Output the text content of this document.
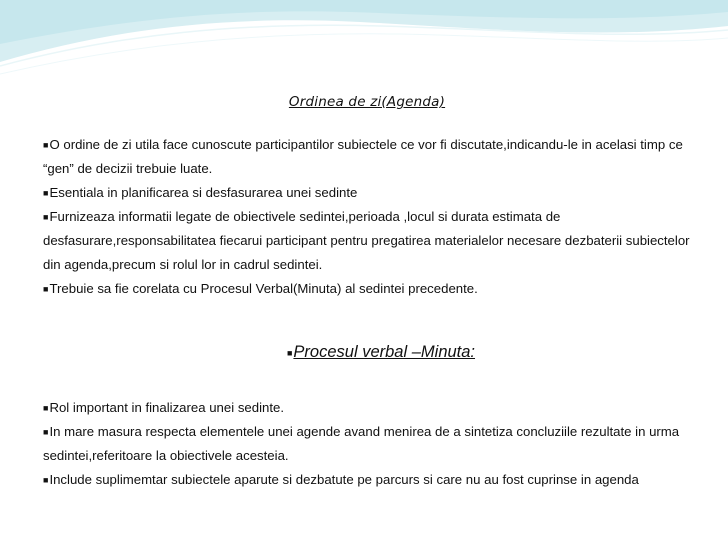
Ordinea de zi(Agenda)

■O ordine de zi utila face cunoscute participantilor subiectele ce vor fi discutate,indicandu-le in acelasi timp ce “gen” de decizii trebuie luate.

■Esentiala in planificarea si desfasurarea unei sedinte

■Furnizeaza informatii legate de obiectivele sedintei,perioada ,locul si durata estimata de desfasurare,responsabilitatea fiecarui participant pentru pregatirea materialelor necesare dezbaterii subiectelor din agenda,precum si rolul lor in cadrul sedintei.

■Trebuie sa fie corelata cu Procesul Verbal(Minuta) al sedintei precedente.

■Procesul verbal –Minuta:

■Rol important in finalizarea unei sedinte.

■In mare masura respecta elementele unei agende avand menirea de a sintetiza concluziile rezultate in urma sedintei,referitoare la obiectivele acesteia.

■Include suplimemtar subiectele aparute si dezbatute pe parcurs si care nu au fost cuprinse in agenda
